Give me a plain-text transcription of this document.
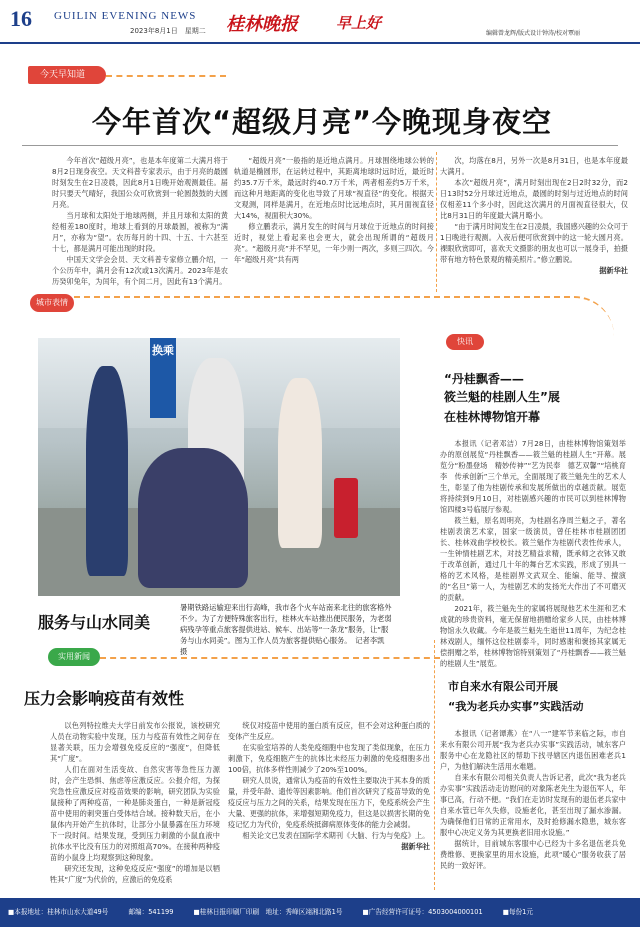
16 GUILIN EVENING NEWS
2023年8月1日　星期二 桂林晚报	早上好
编辑曾龙辉/版式设计钟涛/校对覃丽
今天早知道
今年首次“超级月亮”今晚现身夜空

今年首次“超级月亮”，也是本年度第二大满月将于8月2日现身夜空。天文科普专家表示，由于月亮的最圆时刻发生在2日凌晨，因此8月1日晚开始观测最佳。届时只要天气晴好，我国公众可欣赏到一轮圆鼓鼓的大圆月亮。

当月球和太阳处于地球两侧，并且月球和太阳的黄经相差180度时，地球上看到的月球最圆，被称为“满月”，亦称为“望”。农历每月的十四、十五、十六甚至十七，都是满月可能出现的时段。

中国天文学会会员、天文科普专家修立鹏介绍，一个公历年中，满月会有12次或13次满月。2023年是农历癸卯兔年，为闰年，有个闰二月，因此有13个满月。

“超级月亮”一般指的是近地点满月。月球围绕地球公转的轨道是椭圆形，在运转过程中，其距离地球时远时近，最近时约35.7万千米，最远时约40.7万千米，两者相差约5万千米，而这种月地距离的变化也导致了月球“视直径”的变化。根据天文观测，同样是满月，在近地点时比远地点时，其月面视直径大14%，视面积大30%。

修立鹏表示，满月发生的时间与月球位于近地点的时间接近时，视觉上看起来也会更大，就会出现所谓的“超级月亮”。“超级月亮”并不罕见，一年少则一两次，多则三四次。今年“超级月亮”共有两

次，均落在8月，另外一次是8月31日，也是本年度最大满月。

本次“超级月亮”，满月时刻出现在2日2时32分，而2日13时52分月球过近地点，最圆的时刻与过近地点的时间仅相差11个多小时，因此这次满月的月面视直径很大，仅比8月31日的年度最大满月略小。

“由于满月时间发生在2日凌晨，我国感兴趣的公众可于1日晚进行观测。入夜后便可欣赏到中的这一轮大圆月亮。裸眼欣赏即可，喜欢天文摄影的朋友也可以一展身手，拍摄带有地方特色景观的精美照片。”修立鹏说。

据新华社
城市表情
换乘
服务与山水同美
暑期铁路运输迎来出行高峰，我市各个火车站南来北往的旅客格外不少。为了方便特殊旅客出行，桂林火车站推出便民服务，为老弱病残孕等重点旅客提供进站、候车、出站等“一条龙”服务，让“服务与山水同美”。图为工作人员为旅客提供贴心服务。　记者李凯　摄
快讯
“丹桂飘香——
筱兰魁的桂剧人生”展
在桂林博物馆开幕

本报讯（记者邓洁）7月28日，由桂林博物馆策划举办的原创展览“丹桂飘香——筱兰魁的桂剧人生”开幕。展览分“粉墨登场　精妙传神”“艺为民奉　德艺双馨”“培桃育李　传承创新”三个单元，全面展现了筱兰魁先生的艺术人生，彰显了他为桂剧传承和发展所做出的卓越贡献。展览将持续到9月10日，对桂剧感兴趣的市民可以到桂林博物馆四楼3号临展厅参观。

筱兰魁，原名周明亮，为桂剧名净周兰魁之子，著名桂剧表演艺术家，国家一级演员，曾任桂林市桂剧团团长、桂林戏曲学校校长。筱兰魁作为桂剧代表性传承人，一生钟情桂剧艺术，对技艺精益求精，既承师之衣钵又敢于改革创新，通过几十年的舞台艺术实践，形成了别具一格的艺术风格，是桂剧界文武双全、能编、能导、擅演的“名旦”第一人，为桂剧艺术的发扬光大作出了不可磨灭的贡献。

2021年，筱兰魁先生的家属将展现他艺术生涯和艺术成就的珍贵资料，毫无保留地捐赠给家乡人民，由桂林博物馆永久收藏。今年是筱兰魁先生逝世11周年，为纪念桂林戏剧人，缅怀这位桂剧泰斗，同时感谢和褒扬其家属无偿捐赠之举，桂林博物馆特别策划了“丹桂飘香——筱兰魁的桂剧人生”展览。

实用新闻
压力会影响疫苗有效性

以色列特拉维夫大学日前发布公报说，该校研究人员在动物实验中发现，压力与疫苗有效性之间存在显著关联，压力会增强免疫反应的“强度”，但降低其“广度”。

人们在面对生活变故、自然灾害等急性压力源时，会产生恐惧、焦虑等应激反应。公报介绍，为探究急性应激反应对疫苗效果的影响，研究团队为实验鼠接种了两种疫苗，一种是肺炎蛋白，一种是新冠疫苗中使用的刺突蛋白受体结合域。接种数天后，在小鼠体内开始产生抗体时，让部分小鼠暴露在压力环境下一段时间。结果发现，受到压力刺激的小鼠血液中抗体水平比没有压力的对照组高70%。在接种两种疫苗的小鼠身上均观察到这种现象。

研究还发现，这种免疫反应“强度”的增加是以牺牲其“广度”为代价的，应激后的免疫系

统仅对疫苗中使用的蛋白质有反应，但不会对这种蛋白质的变体产生反应。

在实验室培养的人类免疫细胞中也发现了类似现象，在压力刺激下，免疫细胞产生的抗体比未经压力刺激的免疫细胞多出100倍，抗体多样性则减少了20%至100%。

研究人员说，通常认为疫苗的有效性主要取决于其本身的质量，并受年龄、遗传等因素影响。他们首次研究了疫苗导致的免疫反应与压力之间的关系，结果发现在压力下，免疫系统会产生大量、更强的抗体，来增强短期免疫力，但这是以损害长期的免疫记忆力为代价，免疫系统抵御病原体变体的能力会减弱。

相关论文已发表在国际学术期刊《大脑、行为与免疫》上。

据新华社
市自来水有限公司开展
“我为老兵办实事”实践活动

本报讯（记者谭燕）在“八一”建军节来临之际，市自来水有限公司开展“我为老兵办实事”实践活动，城东客户服务中心在龙隐社区的帮助下找寻辖区内退伍困难老兵1户，为他们解决生活用水难题。

自来水有限公司相关负责人告诉记者，此次“我为老兵办实事”实践活动走访慰问的对象陈老先生为退伍军人，年事已高，行动不便。“我们在走访时发现有的退伍老兵家中自来水管已年久失修，设施老化，甚至出现了漏水渗漏。为确保他们日常的正常用水，及时抢修漏水隐患，城东客服中心决定义务为其更换老旧用水设施。”

据统计，目前城东客服中心已经为十多名退伍老兵免费维修、更换家里的用水设施，此项“暖心”服务收获了居民的一致好评。

■本报地址：桂林市山水大道49号	邮编：541199	■桂林日报印刷厂印刷　地址：秀峰区翊湘北路1号	■广告经营许可证号：4503004000101	■每份1元
